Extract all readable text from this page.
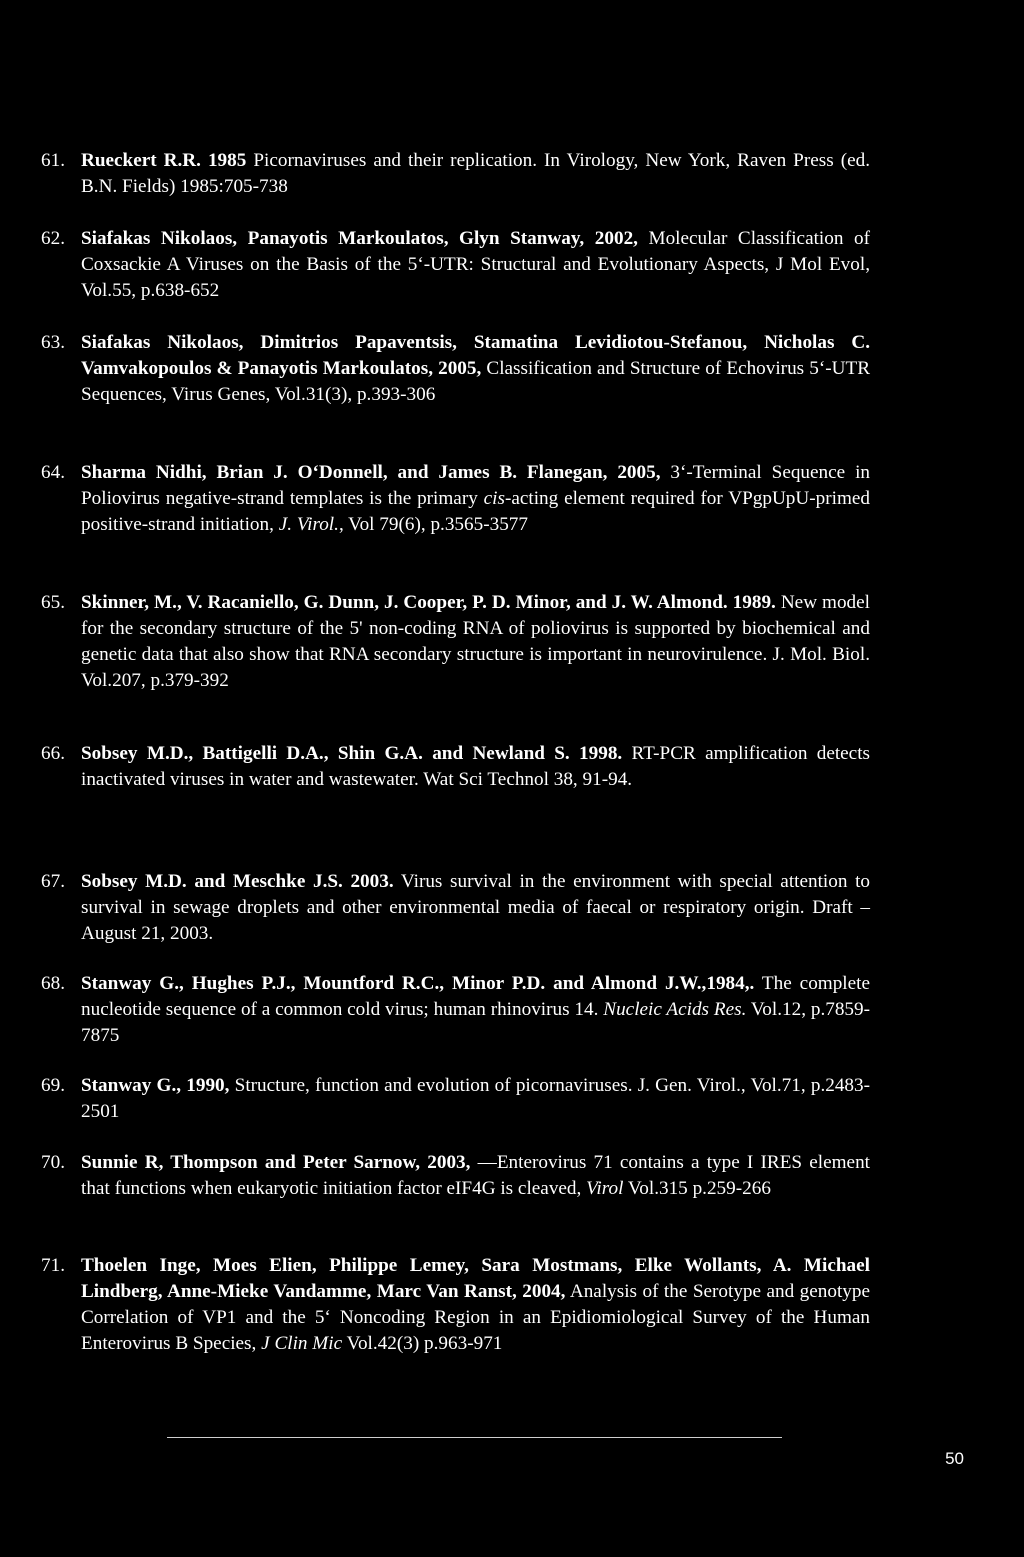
61. Rueckert R.R. 1985 Picornaviruses and their replication. In Virology, New York, Raven Press (ed. B.N. Fields) 1985:705-738
62. Siafakas Nikolaos, Panayotis Markoulatos, Glyn Stanway, 2002, Molecular Classification of Coxsackie A Viruses on the Basis of the 5‘-UTR: Structural and Evolutionary Aspects, J Mol Evol, Vol.55, p.638-652
63. Siafakas Nikolaos, Dimitrios Papaventsis, Stamatina Levidiotou-Stefanou, Nicholas C. Vamvakopoulos & Panayotis Markoulatos, 2005, Classification and Structure of Echovirus 5‘-UTR Sequences, Virus Genes, Vol.31(3), p.393-306
64. Sharma Nidhi, Brian J. O‘Donnell, and James B. Flanegan, 2005, 3‘-Terminal Sequence in Poliovirus negative-strand templates is the primary cis-acting element required for VPgpUpU-primed positive-strand initiation, J. Virol., Vol 79(6), p.3565-3577
65. Skinner, M., V. Racaniello, G. Dunn, J. Cooper, P. D. Minor, and J. W. Almond. 1989. New model for the secondary structure of the 5' non-coding RNA of poliovirus is supported by biochemical and genetic data that also show that RNA secondary structure is important in neurovirulence. J. Mol. Biol. Vol.207, p.379-392
66. Sobsey M.D., Battigelli D.A., Shin G.A. and Newland S. 1998. RT-PCR amplification detects inactivated viruses in water and wastewater. Wat Sci Technol 38, 91-94.
67. Sobsey M.D. and Meschke J.S. 2003. Virus survival in the environment with special attention to survival in sewage droplets and other environmental media of faecal or respiratory origin. Draft – August 21, 2003.
68. Stanway G., Hughes P.J., Mountford R.C., Minor P.D. and Almond J.W.,1984,. The complete nucleotide sequence of a common cold virus; human rhinovirus 14. Nucleic Acids Res. Vol.12, p.7859-7875
69. Stanway G., 1990, Structure, function and evolution of picornaviruses. J. Gen. Virol., Vol.71, p.2483-2501
70. Sunnie R, Thompson and Peter Sarnow, 2003, —Enterovirus 71 contains a type I IRES element that functions when eukaryotic initiation factor eIF4G is cleaved, Virol Vol.315 p.259-266
71. Thoelen Inge, Moes Elien, Philippe Lemey, Sara Mostmans, Elke Wollants, A. Michael Lindberg, Anne-Mieke Vandamme, Marc Van Ranst, 2004, Analysis of the Serotype and genotype Correlation of VP1 and the 5‘ Noncoding Region in an Epidiomiological Survey of the Human Enterovirus B Species, J Clin Mic Vol.42(3) p.963-971
50
